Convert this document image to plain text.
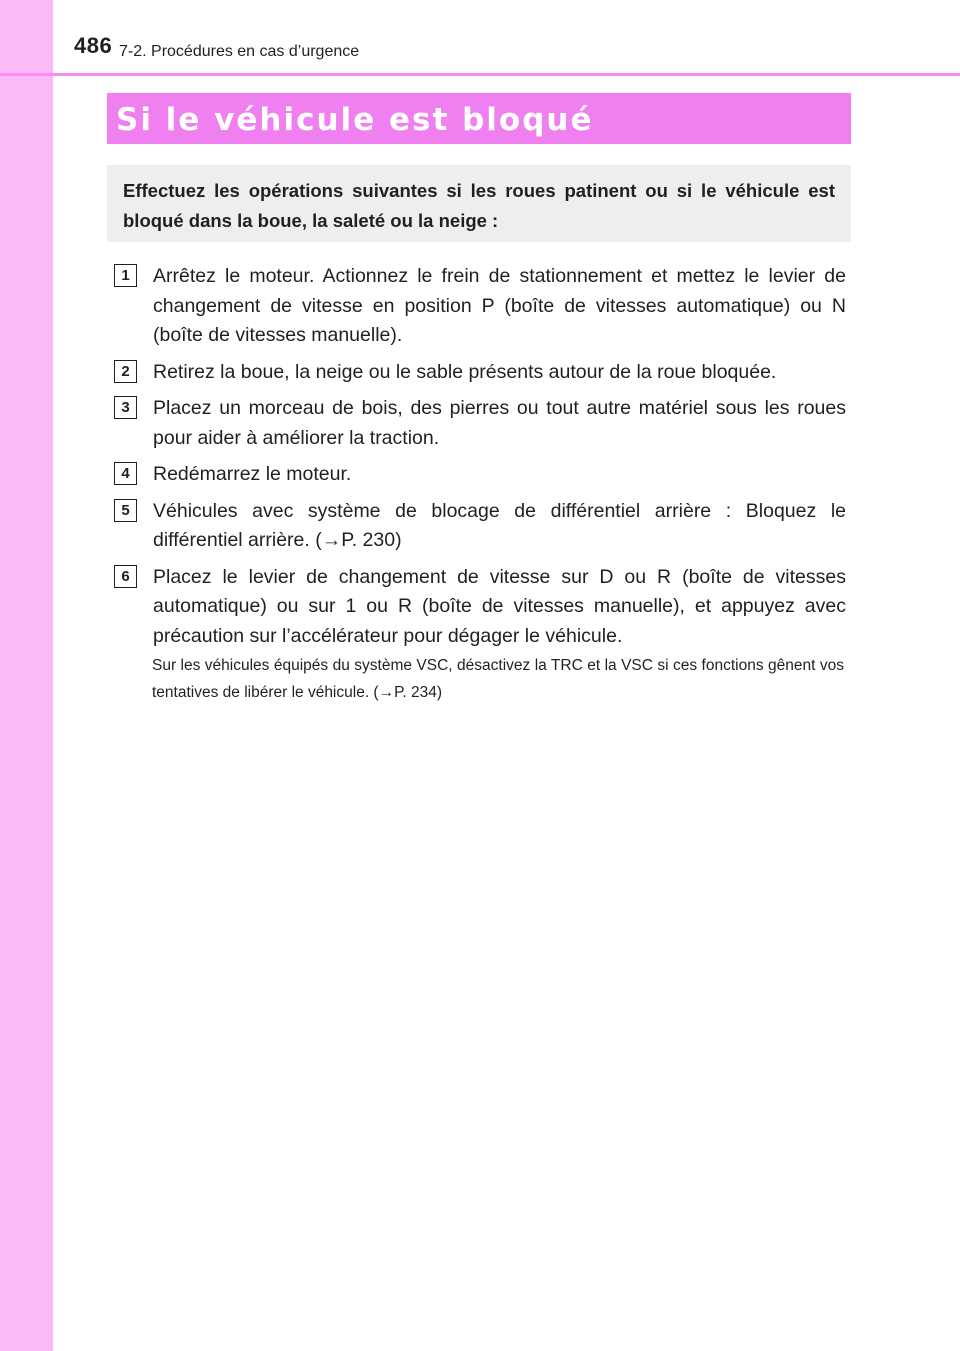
486 7-2. Procédures en cas d’urgence
Si le véhicule est bloqué

Effectuez les opérations suivantes si les roues patinent ou si le véhicule est bloqué dans la boue, la saleté ou la neige :

1	Arrêtez le moteur. Actionnez le frein de stationnement et mettez le levier de changement de vitesse en position P (boîte de vitesses automatique) ou N (boîte de vitesses manuelle).
2	Retirez la boue, la neige ou le sable présents autour de la roue bloquée.
3	Placez un morceau de bois, des pierres ou tout autre matériel sous les roues pour aider à améliorer la traction.
4	Redémarrez le moteur.
5	Véhicules avec système de blocage de différentiel arrière : Bloquez le différentiel arrière. (→P. 230)
6	Placez le levier de changement de vitesse sur D ou R (boîte de vitesses automatique) ou sur 1 ou R (boîte de vitesses manuelle), et appuyez avec précaution sur l’accélérateur pour dégager le véhicule.
Sur les véhicules équipés du système VSC, désactivez la TRC et la VSC si ces fonctions gênent vos tentatives de libérer le véhicule. (→P. 234)
